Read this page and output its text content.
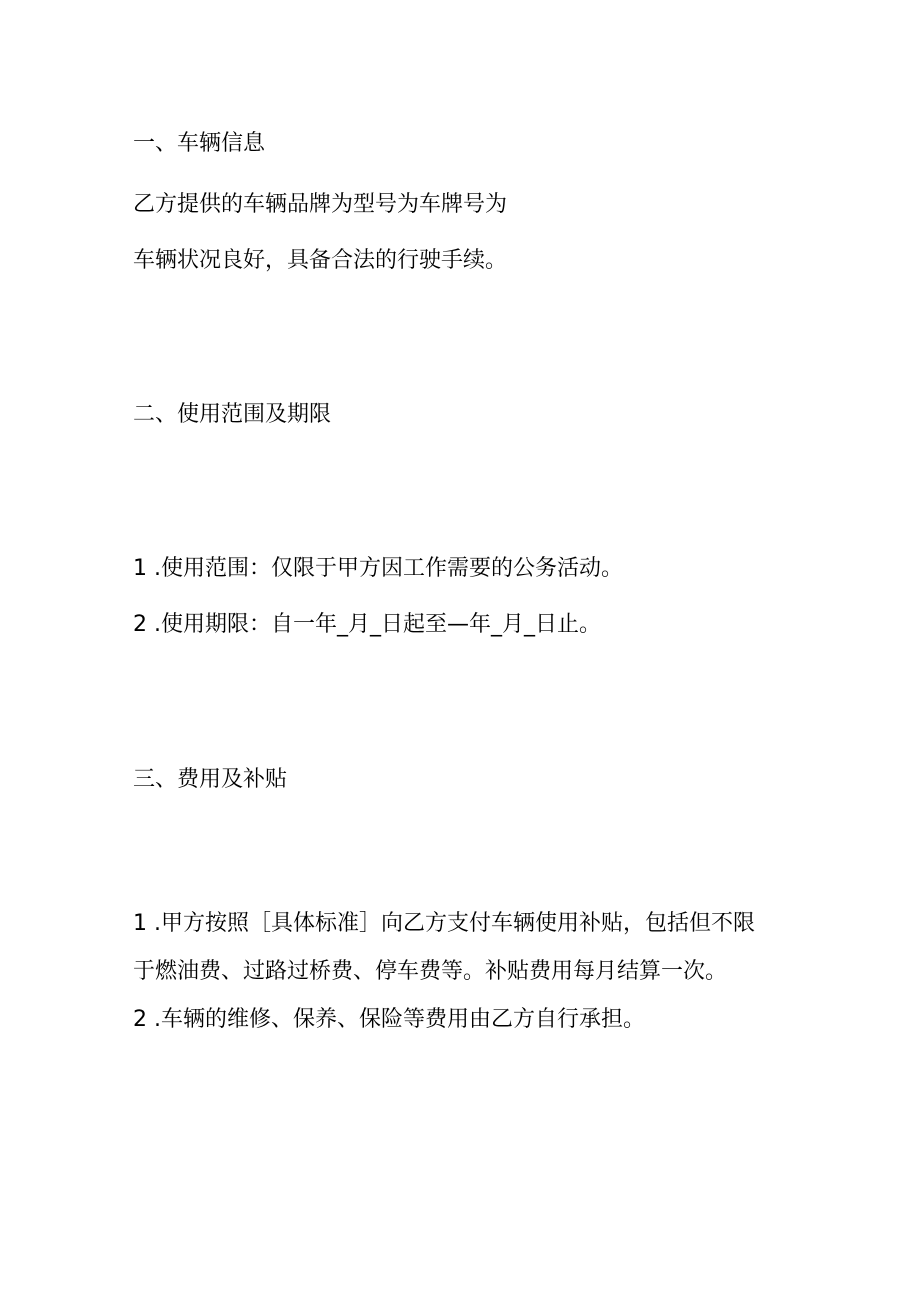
一、车辆信息

乙方提供的车辆品牌为型号为车牌号为

车辆状况良好，具备合法的行驶手续。

二、使用范围及期限

1 .使用范围：仅限于甲方因工作需要的公务活动。

2 .使用期限：自一年_月_日起至—年_月_日止。

三、费用及补贴

1 .甲方按照［具体标准］向乙方支付车辆使用补贴，包括但不限

于燃油费、过路过桥费、停车费等。补贴费用每月结算一次。

2 .车辆的维修、保养、保险等费用由乙方自行承担。
